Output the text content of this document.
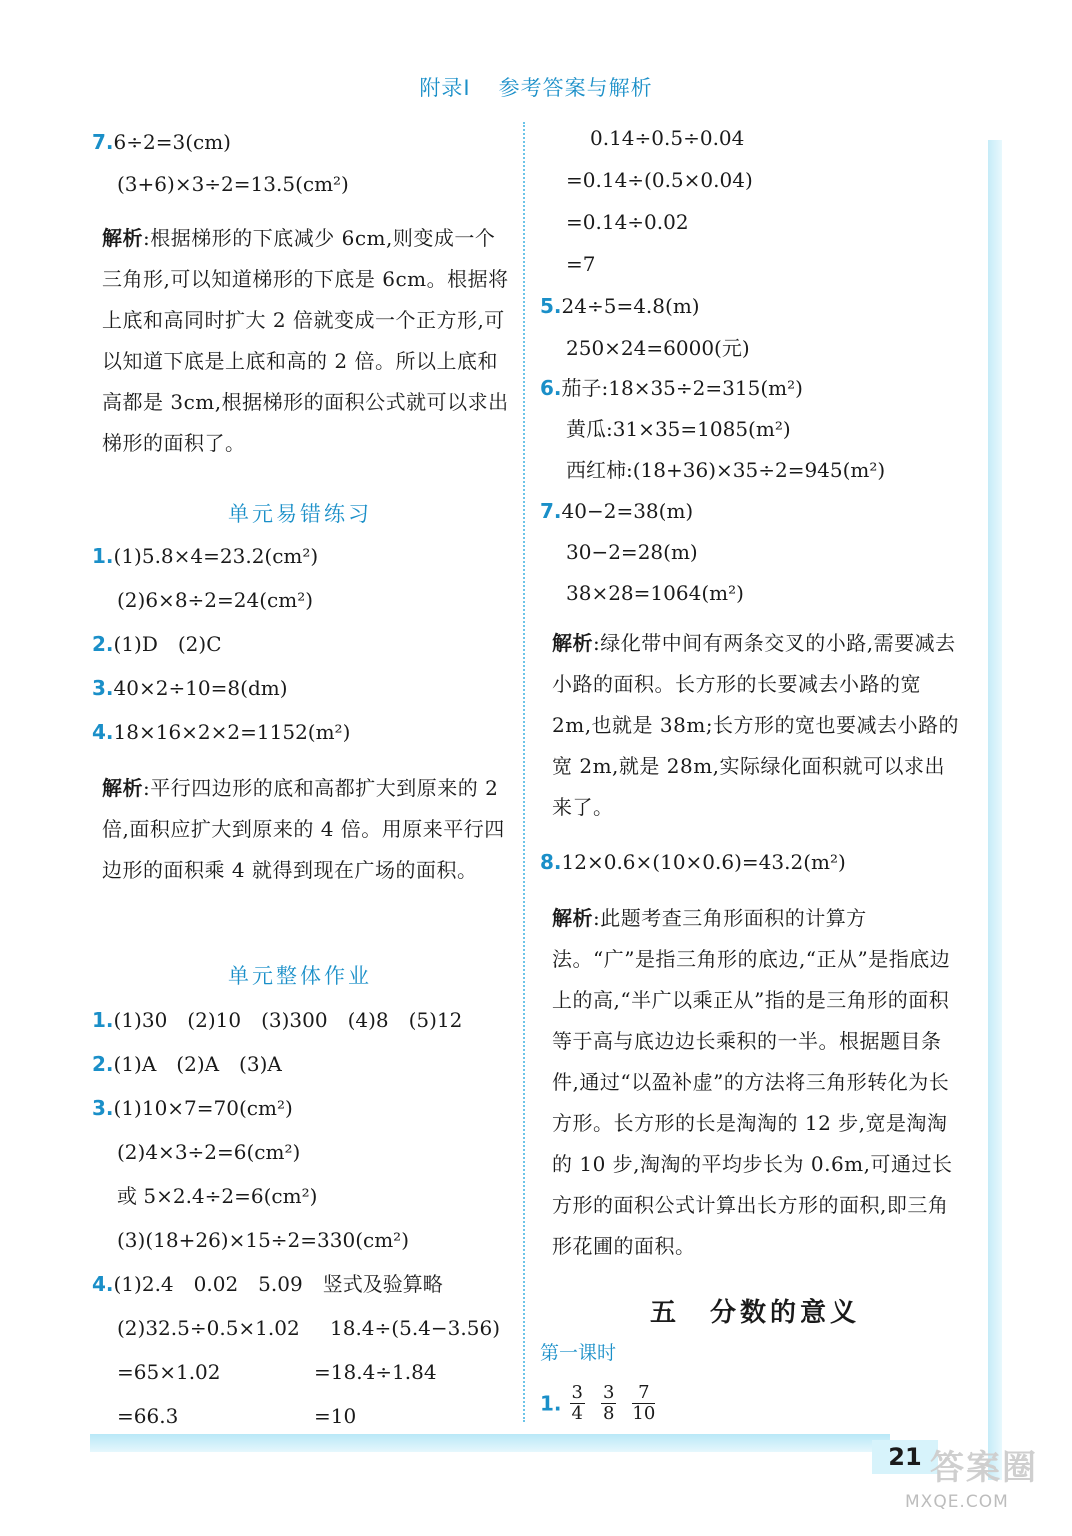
附录Ⅰ 参考答案与解析
7.6÷2=3(cm)
(3+6)×3÷2=13.5(cm²)
解析:根据梯形的下底减少 6cm,则变成一个三角形,可以知道梯形的下底是 6cm。根据将上底和高同时扩大 2 倍就变成一个正方形,可以知道下底是上底和高的 2 倍。所以上底和高都是 3cm,根据梯形的面积公式就可以求出梯形的面积了。
单元易错练习
1.(1)5.8×4=23.2(cm²)
(2)6×8÷2=24(cm²)
2.(1)D　(2)C
3.40×2÷10=8(dm)
4.18×16×2×2=1152(m²)
解析:平行四边形的底和高都扩大到原来的 2 倍,面积应扩大到原来的 4 倍。用原来平行四边形的面积乘 4 就得到现在广场的面积。
单元整体作业
1.(1)30　(2)10　(3)300　(4)8　(5)12
2.(1)A　(2)A　(3)A
3.(1)10×7=70(cm²)
(2)4×3÷2=6(cm²)
或 5×2.4÷2=6(cm²)
(3)(18+26)×15÷2=330(cm²)
4.(1)2.4　0.02　5.09　竖式及验算略
(2)32.5÷0.5×1.02 18.4÷(5.4−3.56)
=65×1.02	=18.4÷1.84
=66.3	=10
0.14÷0.5÷0.04
=0.14÷(0.5×0.04)
=0.14÷0.02
=7
5.24÷5=4.8(m)
250×24=6000(元)
6.茄子:18×35÷2=315(m²)
黄瓜:31×35=1085(m²)
西红柿:(18+36)×35÷2=945(m²)
7.40−2=38(m)
30−2=28(m)
38×28=1064(m²)
解析:绿化带中间有两条交叉的小路,需要减去小路的面积。长方形的长要减去小路的宽 2m,也就是 38m;长方形的宽也要减去小路的宽 2m,就是 28m,实际绿化面积就可以求出来了。
8.12×0.6×(10×0.6)=43.2(m²)
解析:此题考查三角形面积的计算方法。“广”是指三角形的底边,“正从”是指底边上的高,“半广以乘正从”指的是三角形的面积等于高与底边边长乘积的一半。根据题目条件,通过“以盈补虚”的方法将三角形转化为长方形。长方形的长是淘淘的 12 步,宽是淘淘的 10 步,淘淘的平均步长为 0.6m,可通过长方形的面积公式计算出长方形的面积,即三角形花圃的面积。
五　分数的意义
第一课时
1. $\frac{3}{4} \frac{3}{8} \frac{7}{10}$
21 答案圈
MXQE.COM
